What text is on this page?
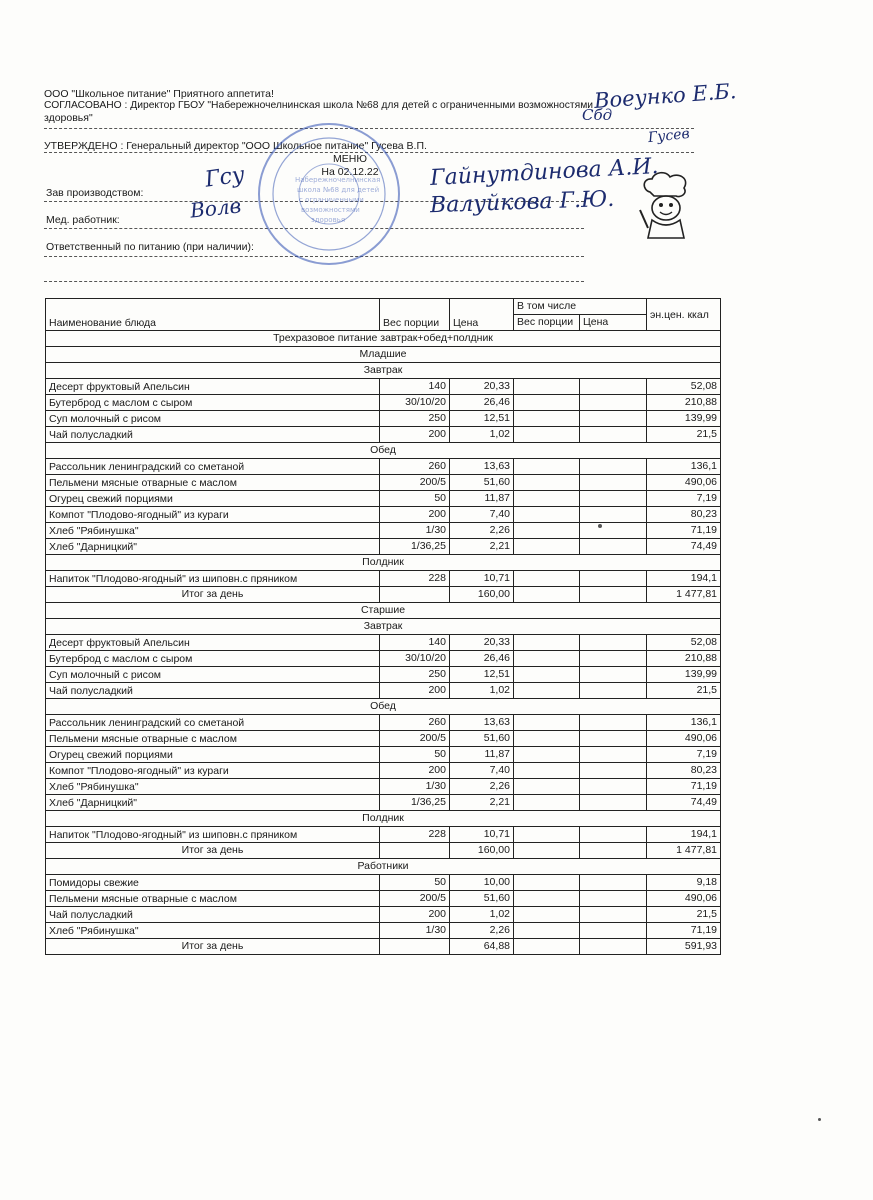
ООО "Школьное питание" Приятного аппетита!
СОГЛАСОВАНО : Директор ГБОУ "Набережночелнинская школа №68 для детей с ограниченными возможностями
здоровья"
УТВЕРЖДЕНО : Генеральный директор "ООО Школьное питание" Гусева В.П.
МЕНЮ
На 02.12.22
Зав производством:
Мед. работник:
Ответственный по питанию (при наличии):
Набережночелнинская
школа №68 для детей
с ограниченными
возможностями
здоровья
Воеунко Е.Б.
Сбд
Гусев
Гайнутдинова А.И.
Валуйкова Г.Ю.
Гсу
Волв
Наименование блюда	Вес порции	Цена	В том числе		эн.цен. ккал
			Вес порции	Цена	
Трехразовое питание завтрак+обед+полдник					
Младшие					
Завтрак					
Десерт фруктовый Апельсин	140	20,33			52,08
Бутерброд с маслом с сыром	30/10/20	26,46			210,88
Суп молочный с рисом	250	12,51			139,99
Чай полусладкий	200	1,02			21,5
Обед					
Рассольник ленинградский со сметаной	260	13,63			136,1
Пельмени мясные отварные с маслом	200/5	51,60			490,06
Огурец свежий порциями	50	11,87			7,19
Компот "Плодово-ягодный" из кураги	200	7,40			80,23
Хлеб "Рябинушка"	1/30	2,26			71,19
Хлеб "Дарницкий"	1/36,25	2,21			74,49
Полдник					
Напиток "Плодово-ягодный" из шиповн.с пряником	228	10,71			194,1
Итог за день		160,00			1 477,81
Старшие					
Завтрак					
Десерт фруктовый Апельсин	140	20,33			52,08
Бутерброд с маслом с сыром	30/10/20	26,46			210,88
Суп молочный с рисом	250	12,51			139,99
Чай полусладкий	200	1,02			21,5
Обед					
Рассольник ленинградский со сметаной	260	13,63			136,1
Пельмени мясные отварные с маслом	200/5	51,60			490,06
Огурец свежий порциями	50	11,87			7,19
Компот "Плодово-ягодный" из кураги	200	7,40			80,23
Хлеб "Рябинушка"	1/30	2,26			71,19
Хлеб "Дарницкий"	1/36,25	2,21			74,49
Полдник					
Напиток "Плодово-ягодный" из шиповн.с пряником	228	10,71			194,1
Итог за день		160,00			1 477,81
Работники					
Помидоры свежие	50	10,00			9,18
Пельмени мясные отварные с маслом	200/5	51,60			490,06
Чай полусладкий	200	1,02			21,5
Хлеб "Рябинушка"	1/30	2,26			71,19
Итог за день		64,88			591,93
